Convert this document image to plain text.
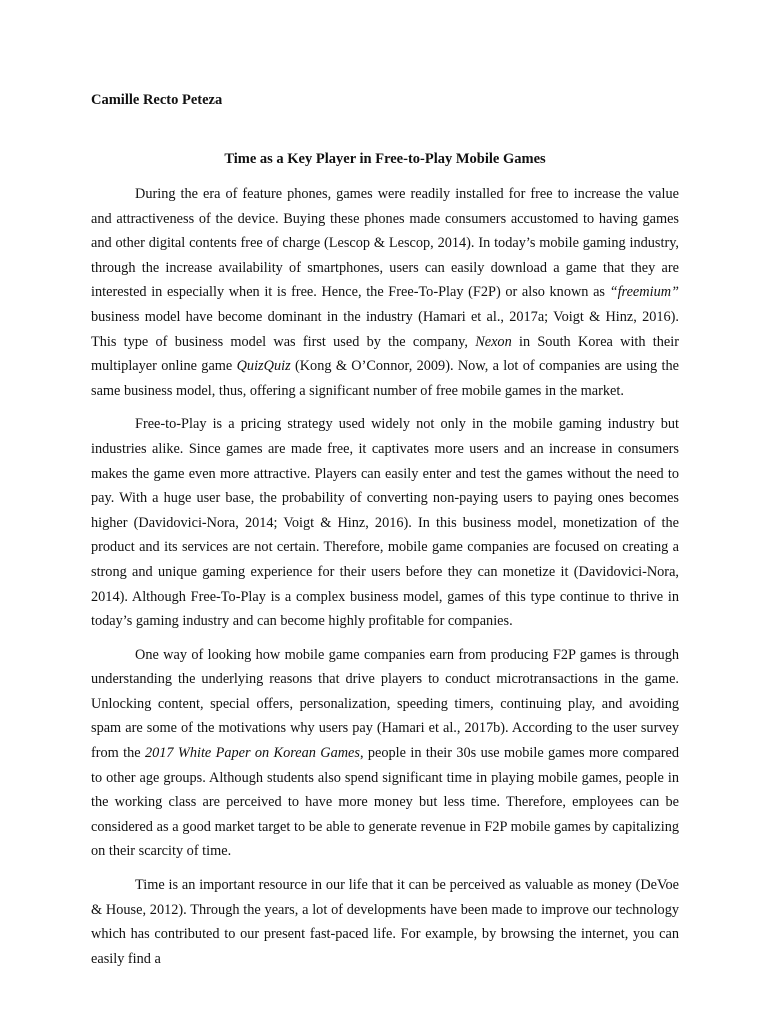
Camille Recto Peteza

Time as a Key Player in Free-to-Play Mobile Games

During the era of feature phones, games were readily installed for free to increase the value and attractiveness of the device. Buying these phones made consumers accustomed to having games and other digital contents free of charge (Lescop & Lescop, 2014). In today’s mobile gaming industry, through the increase availability of smartphones, users can easily download a game that they are interested in especially when it is free. Hence, the Free-To-Play (F2P) or also known as “freemium” business model have become dominant in the industry (Hamari et al., 2017a; Voigt & Hinz, 2016). This type of business model was first used by the company, Nexon in South Korea with their multiplayer online game QuizQuiz (Kong & O’Connor, 2009). Now, a lot of companies are using the same business model, thus, offering a significant number of free mobile games in the market.

Free-to-Play is a pricing strategy used widely not only in the mobile gaming industry but industries alike. Since games are made free, it captivates more users and an increase in consumers makes the game even more attractive. Players can easily enter and test the games without the need to pay. With a huge user base, the probability of converting non-paying users to paying ones becomes higher (Davidovici-Nora, 2014; Voigt & Hinz, 2016). In this business model, monetization of the product and its services are not certain. Therefore, mobile game companies are focused on creating a strong and unique gaming experience for their users before they can monetize it (Davidovici-Nora, 2014). Although Free-To-Play is a complex business model, games of this type continue to thrive in today’s gaming industry and can become highly profitable for companies.

One way of looking how mobile game companies earn from producing F2P games is through understanding the underlying reasons that drive players to conduct microtransactions in the game. Unlocking content, special offers, personalization, speeding timers, continuing play, and avoiding spam are some of the motivations why users pay (Hamari et al., 2017b). According to the user survey from the 2017 White Paper on Korean Games, people in their 30s use mobile games more compared to other age groups. Although students also spend significant time in playing mobile games, people in the working class are perceived to have more money but less time. Therefore, employees can be considered as a good market target to be able to generate revenue in F2P mobile games by capitalizing on their scarcity of time.

Time is an important resource in our life that it can be perceived as valuable as money (DeVoe & House, 2012). Through the years, a lot of developments have been made to improve our technology which has contributed to our present fast-paced life. For example, by browsing the internet, you can easily find a
